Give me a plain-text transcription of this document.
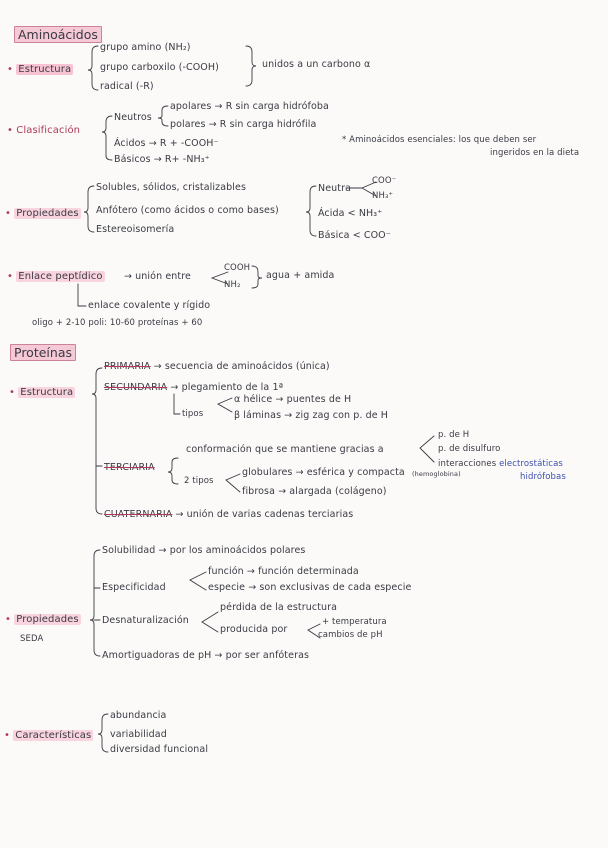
Aminoácidos
• Estructura
grupo amino (NH₂)
grupo carboxilo (-COOH)
radical (-R)
unidos a un carbono α
• Clasificación
Neutros
apolares → R sin carga hidrófoba
polares → R sin carga hidrófila
Ácidos → R + -COOH⁻
Básicos → R+ -NH₃⁺
* Aminoácidos esenciales: los que deben ser
ingeridos en la dieta
• Propiedades
Solubles, sólidos, cristalizables
Anfótero (como ácidos o como bases)
Estereoisomería
Neutra
COO⁻
NH₃⁺
Ácida < NH₃⁺
Básica < COO⁻
• Enlace peptídico → unión entre
COOH
NH₂
agua + amida
enlace covalente y rígido
oligo + 2-10 poli: 10-60 proteínas + 60
Proteínas
• Estructura
PRIMARIA → secuencia de aminoácidos (única)
SECUNDARIA → plegamiento de la 1ª
tipos
α hélice → puentes de H
β láminas → zig zag con p. de H
TERCIARIA
conformación que se mantiene gracias a
p. de H
p. de disulfuro
interacciones electrostáticas
hidrófobas
2 tipos
globulares → esférica y compacta (hemoglobina)
fibrosa → alargada (colágeno)
CUATERNARIA → unión de varias cadenas terciarias
• Propiedades
SEDA
Solubilidad → por los aminoácidos polares
Especificidad
función → función determinada
especie → son exclusivas de cada especie
Desnaturalización
pérdida de la estructura
producida por
+ temperatura
cambios de pH
Amortiguadoras de pH → por ser anfóteras
• Características
abundancia
variabilidad
diversidad funcional
